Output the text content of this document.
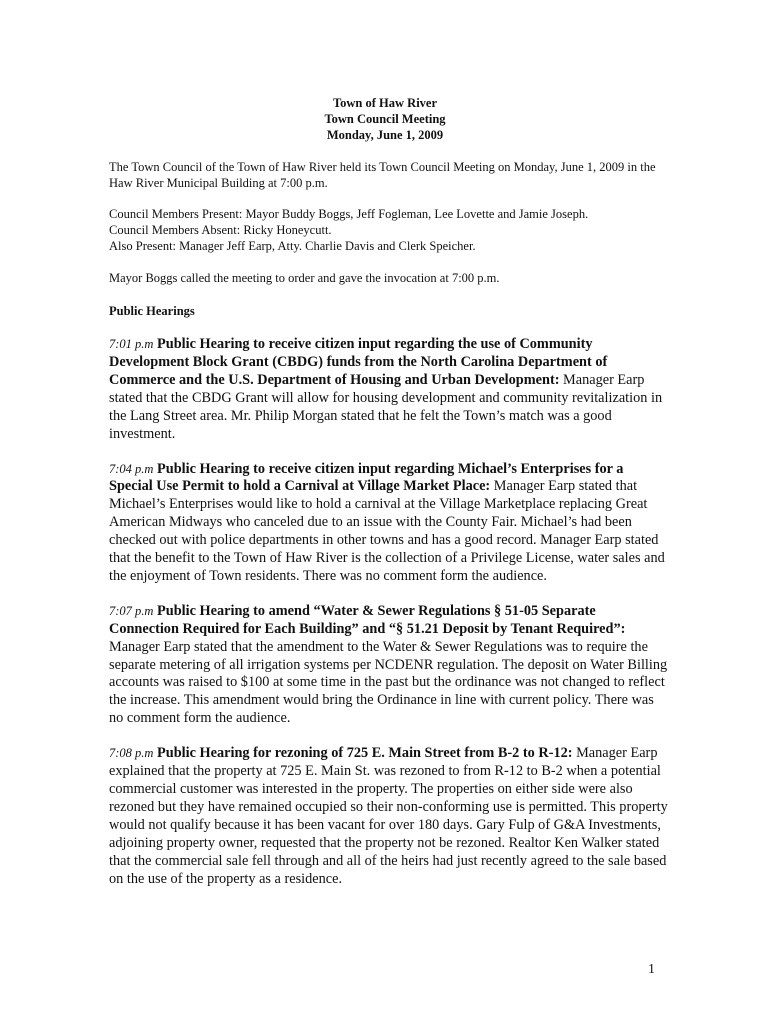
Town of Haw River
Town Council Meeting
Monday, June 1, 2009

The Town Council of the Town of Haw River held its Town Council Meeting on Monday, June 1, 2009 in the Haw River Municipal Building at 7:00 p.m.

Council Members Present: Mayor Buddy Boggs, Jeff Fogleman, Lee Lovette and Jamie Joseph.
Council Members Absent: Ricky Honeycutt.
Also Present: Manager Jeff Earp, Atty. Charlie Davis and Clerk Speicher.

Mayor Boggs called the meeting to order and gave the invocation at 7:00 p.m.

Public Hearings

7:01 p.m Public Hearing to receive citizen input regarding the use of Community Development Block Grant (CBDG) funds from the North Carolina Department of Commerce and the U.S. Department of Housing and Urban Development: Manager Earp stated that the CBDG Grant will allow for housing development and community revitalization in the Lang Street area. Mr. Philip Morgan stated that he felt the Town’s match was a good investment.

7:04 p.m Public Hearing to receive citizen input regarding Michael’s Enterprises for a Special Use Permit to hold a Carnival at Village Market Place: Manager Earp stated that Michael’s Enterprises would like to hold a carnival at the Village Marketplace replacing Great American Midways who canceled due to an issue with the County Fair. Michael’s had been checked out with police departments in other towns and has a good record. Manager Earp stated that the benefit to the Town of Haw River is the collection of a Privilege License, water sales and the enjoyment of Town residents. There was no comment form the audience.

7:07 p.m Public Hearing to amend “Water & Sewer Regulations § 51-05 Separate Connection Required for Each Building” and “§ 51.21 Deposit by Tenant Required”: Manager Earp stated that the amendment to the Water & Sewer Regulations was to require the separate metering of all irrigation systems per NCDENR regulation. The deposit on Water Billing accounts was raised to $100 at some time in the past but the ordinance was not changed to reflect the increase. This amendment would bring the Ordinance in line with current policy. There was no comment form the audience.

7:08 p.m Public Hearing for rezoning of 725 E. Main Street from B-2 to R-12: Manager Earp explained that the property at 725 E. Main St. was rezoned to from R-12 to B-2 when a potential commercial customer was interested in the property. The properties on either side were also rezoned but they have remained occupied so their non-conforming use is permitted. This property would not qualify because it has been vacant for over 180 days. Gary Fulp of G&A Investments, adjoining property owner, requested that the property not be rezoned. Realtor Ken Walker stated that the commercial sale fell through and all of the heirs had just recently agreed to the sale based on the use of the property as a residence.

1
